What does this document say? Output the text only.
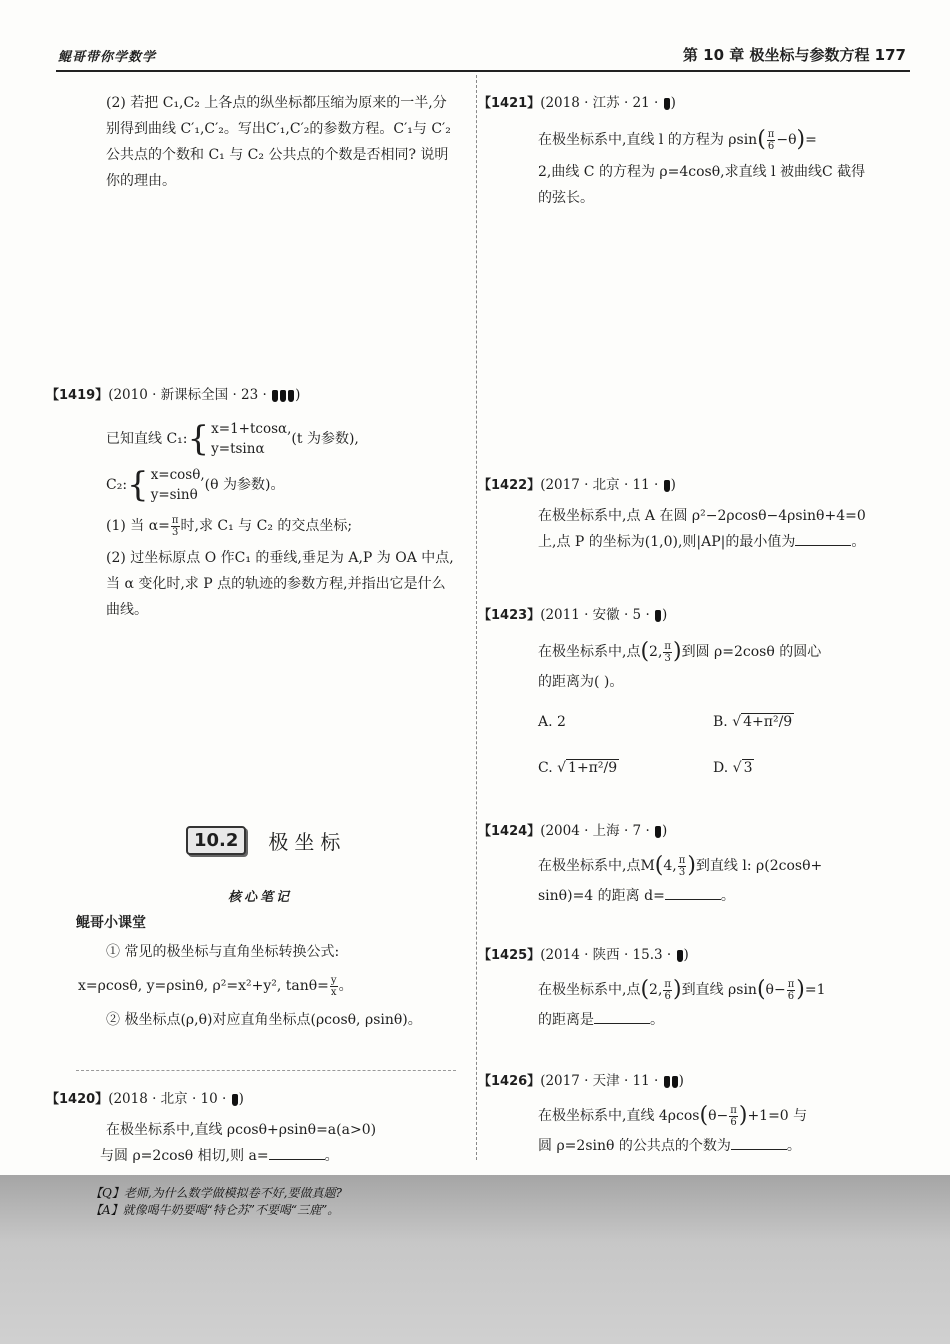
鲲哥带你学数学	第 10 章 极坐标与参数方程 177
(2) 若把 C₁,C₂ 上各点的纵坐标都压缩为原来的一半,分别得到曲线 C′₁,C′₂。写出C′₁,C′₂的参数方程。C′₁与 C′₂公共点的个数和 C₁ 与 C₂ 公共点的个数是否相同? 说明你的理由。
【1419】(2010 · 新课标全国 · 23 · )
已知直线 C₁: { x=1+tcosα,
y=tsinα
(t 为参数),
C₂: { x=cosθ,
y=sinθ
(θ 为参数)。
(1) 当 $\alpha= \frac{\pi}{3}$ 时,求 C₁ 与 C₂ 的交点坐标;
(2) 过坐标原点 O 作C₁ 的垂线,垂足为 A,P 为 OA 中点,当 α 变化时,求 P 点的轨迹的参数方程,并指出它是什么曲线。
10.2	极坐标
核心笔记
鲲哥小课堂
① 常见的极坐标与直角坐标转换公式:
x=ρcosθ, y=ρsinθ, ρ²=x²+y², $\tan\theta= \frac{y}{x}$ 。
② 极坐标点(ρ,θ)对应直角坐标点(ρcosθ, ρsinθ)。
【1420】(2018 · 北京 · 10 · )
在极坐标系中,直线 ρcosθ+ρsinθ=a(a>0)
与圆 ρ=2cosθ 相切,则 a=	。
【1421】(2018 · 江苏 · 21 · )
在极坐标系中,直线 l 的方程为 $\rho\sin( \frac{\pi}{6} -\theta)=$
2,曲线 C 的方程为 ρ=4cosθ,求直线 l 被曲线C 截得的弦长。
【1422】(2017 · 北京 · 11 · )
在极坐标系中,点 A 在圆 ρ²−2ρcosθ−4ρsinθ+4=0 上,点 P 的坐标为(1,0),则|AP|的最小值为	。
【1423】(2011 · 安徽 · 5 · )
在极坐标系中,点(2, $\frac{\pi}{3}$ )到圆 ρ=2cosθ 的圆心
的距离为( )。
A. 2	B. √ 4+π²/9
C. √ 1+π²/9	D. √ 3
【1424】(2004 · 上海 · 7 · )
在极坐标系中,点M(4, $\frac{\pi}{3}$ )到直线 l: ρ(2cosθ+
sinθ)=4 的距离 d=	。
【1425】(2014 · 陕西 · 15.3 · )
在极坐标系中,点(2, $\frac{\pi}{6}$ )到直线 $\rho\sin(\theta- \frac{\pi}{6} )=1$
的距离是	。
【1426】(2017 · 天津 · 11 · )
在极坐标系中,直线 $4\rho\cos(\theta- \frac{\pi}{6} )+1=0$ 与
圆 ρ=2sinθ 的公共点的个数为	。
【Q】老师,为什么数学做模拟卷不好,要做真题?
【A】就像喝牛奶要喝“特仑苏”不要喝“三鹿”。
